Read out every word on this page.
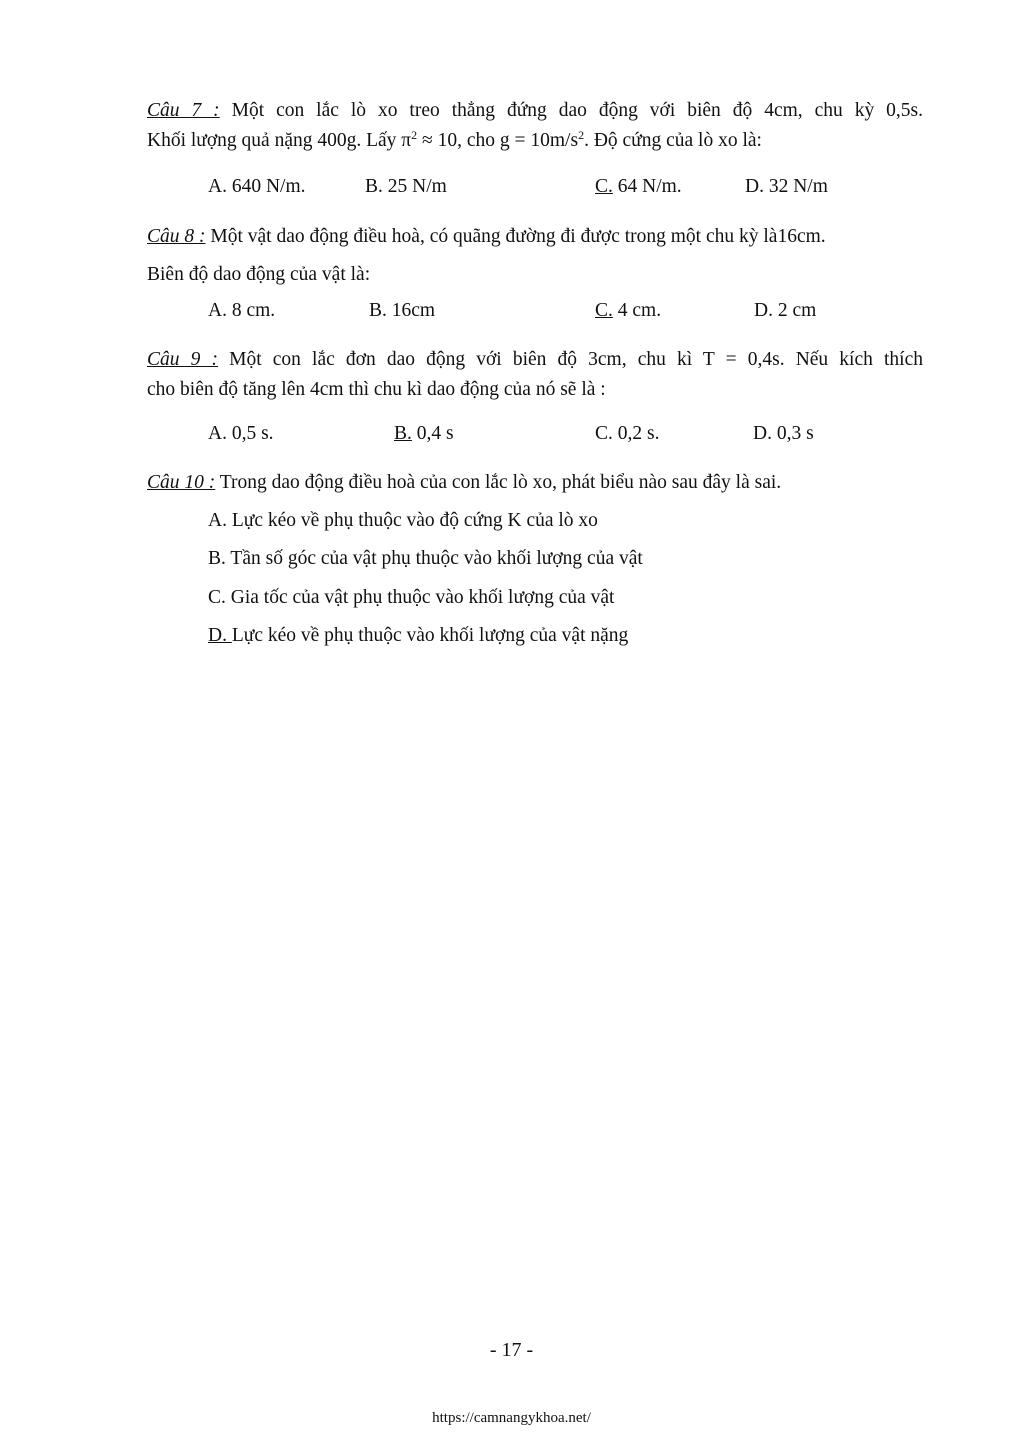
Câu 7 : Một con lắc lò xo treo thẳng đứng dao động với biên độ 4cm, chu kỳ 0,5s.

Khối lượng quả nặng 400g. Lấy $\pi^2 \approx 10$, cho $g = 10m/s^2$. Độ cứng của lò xo là:

A. 640 N/m.	B. 25 N/m	C. 64 N/m.	D. 32 N/m

Câu 8 : Một vật dao động điều hoà, có quãng đường đi được trong một chu kỳ là16cm.

Biên độ dao động của vật là:

A. 8 cm.	B. 16cm	C. 4 cm.	D. 2 cm

Câu 9 : Một con lắc đơn dao động với biên độ 3cm, chu kì T = 0,4s. Nếu kích thích

cho biên độ tăng lên 4cm thì chu kì dao động của nó sẽ là :

A. 0,5 s.	B. 0,4 s	C. 0,2 s.	D. 0,3 s

Câu 10 : Trong dao động điều hoà của con lắc lò xo, phát biểu nào sau đây là sai.

A. Lực kéo về phụ thuộc vào độ cứng K của lò xo
B. Tần số góc của vật phụ thuộc vào khối lượng của vật
C. Gia tốc của vật phụ thuộc vào khối lượng của vật
D. Lực kéo về phụ thuộc vào khối lượng của vật nặng
- 17 -
https://camnangykhoa.net/
